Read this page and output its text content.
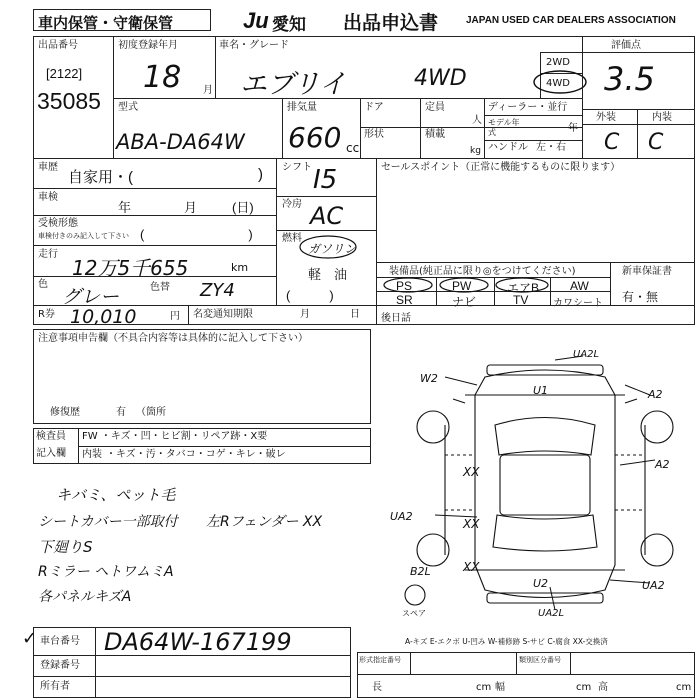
車内保管・守衛保管	Ju 愛知 出品申込書	JAPAN USED CAR DEALERS ASSOCIATION
出品番号
[2122]
35085
初度登録年月
18 月
車名・グレード
エブリイ	4WD
2WD
4WD
評価点
3.5
外装	内装
C C
型式
ABA-DA64W
排気量
660 cc
ドア
形状
定員
人
積載
kg
ディーラー・並行
モデル年式	年
ハンドル 左・右
車歴
自家用・(	)
車検
年	月	(日)
受検形態
車検付きのみ記入して下さい (　　　　　　　　)
走行
12万5千655	km
色
グレー	色替 ZY4
シフト I5
冷房 AC
燃料
ガソリン
軽　油
(　　　)
セールスポイント（正常に機能するものに限ります）
装備品(純正品に限り◎をつけてください)
PS	PW	エアB	AW
SR	ナビ	TV カワシート
新車保証書
有・無
R券 10,010	円 名変通知期限	月	日 後日話
注意事項申告欄（不具合内容等は具体的に記入して下さい）
修復歴	有 （箇所
検査員
記入欄
FW ・キズ・凹・ヒビ割・リペア跡・X要
内装 ・キズ・汚・タバコ・コゲ・キレ・破レ
キバミ、ペット毛
シートカバー一部取付 左Rフェンダー XX
下廻りS
Rミラー ヘトワムミA
各パネルキズA
W2
U1	A2
A2
XX
XX
XX
UA2
B2L
U2	UA2
UA2L
UA2L
スペア
A-キズ E-エクボ U-凹み W-補修跡 S-サビ C-腐食 XX-交換済
✓ 車台番号 DA64W-167199
登録番号
所有者
形式指定番号	類別区分番号
長	cm 幅	cm 高	cm
